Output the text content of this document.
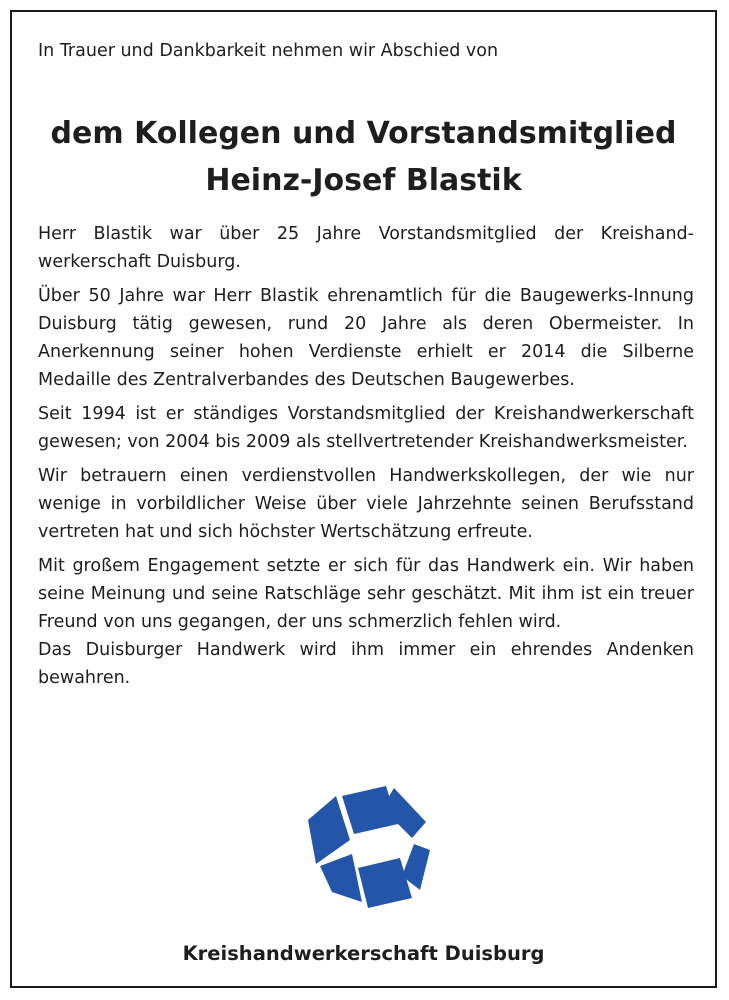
In Trauer und Dankbarkeit nehmen wir Abschied von
dem Kollegen und Vorstandsmitglied
Heinz-Josef Blastik

Herr Blastik war über 25 Jahre Vorstandsmitglied der Kreishandwerkerschaft Duisburg.

Über 50 Jahre war Herr Blastik ehrenamtlich für die Baugewerks-Innung Duisburg tätig gewesen, rund 20 Jahre als deren Obermeister. In Anerkennung seiner hohen Verdienste erhielt er 2014 die Silberne Medaille des Zentralverbandes des Deutschen Baugewerbes.

Seit 1994 ist er ständiges Vorstandsmitglied der Kreishandwerkerschaft gewesen; von 2004 bis 2009 als stellvertretender Kreishandwerksmeister.

Wir betrauern einen verdienstvollen Handwerkskollegen, der wie nur wenige in vorbildlicher Weise über viele Jahrzehnte seinen Berufsstand vertreten hat und sich höchster Wertschätzung erfreute.

Mit großem Engagement setzte er sich für das Handwerk ein. Wir haben seine Meinung und seine Ratschläge sehr geschätzt. Mit ihm ist ein treuer Freund von uns gegangen, der uns schmerzlich fehlen wird.

Das Duisburger Handwerk wird ihm immer ein ehrendes Andenken bewahren.

Kreishandwerkerschaft Duisburg
